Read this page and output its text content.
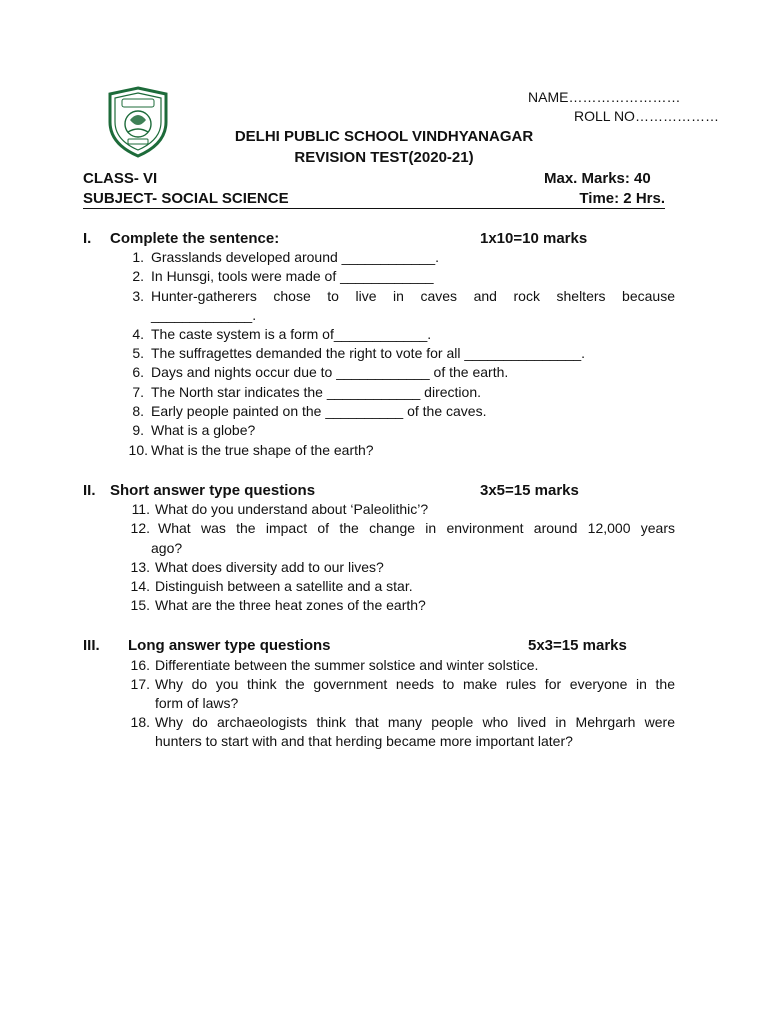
NAME……………………
ROLL NO………………
DELHI PUBLIC SCHOOL VINDHYANAGAR
REVISION TEST(2020-21)
CLASS- VI	Max. Marks: 40
SUBJECT- SOCIAL SCIENCE	Time: 2 Hrs.
I. Complete the sentence:	1x10=10 marks
1. Grasslands developed around ____________.
2. In Hunsgi, tools were made of ____________
3. Hunter-gatherers chose to live in caves and rock shelters because
_____________.
4. The caste system is a form of____________.
5. The suffragettes demanded the right to vote for all _______________.
6. Days and nights occur due to ____________ of the earth.
7. The North star indicates the ____________ direction.
8. Early people painted on the __________ of the caves.
9. What is a globe?
10. What is the true shape of the earth?
II. Short answer type questions	3x5=15 marks
11. What do you understand about ‘Paleolithic’?
12. What was the impact of the change in environment around 12,000 years
ago?
13. What does diversity add to our lives?
14. Distinguish between a satellite and a star.
15. What are the three heat zones of the earth?
III. Long answer type questions	5x3=15 marks
16. Differentiate between the summer solstice and winter solstice.
17. Why do you think the government needs to make rules for everyone in the
form of laws?
18. Why do archaeologists think that many people who lived in Mehrgarh were
hunters to start with and that herding became more important later?
